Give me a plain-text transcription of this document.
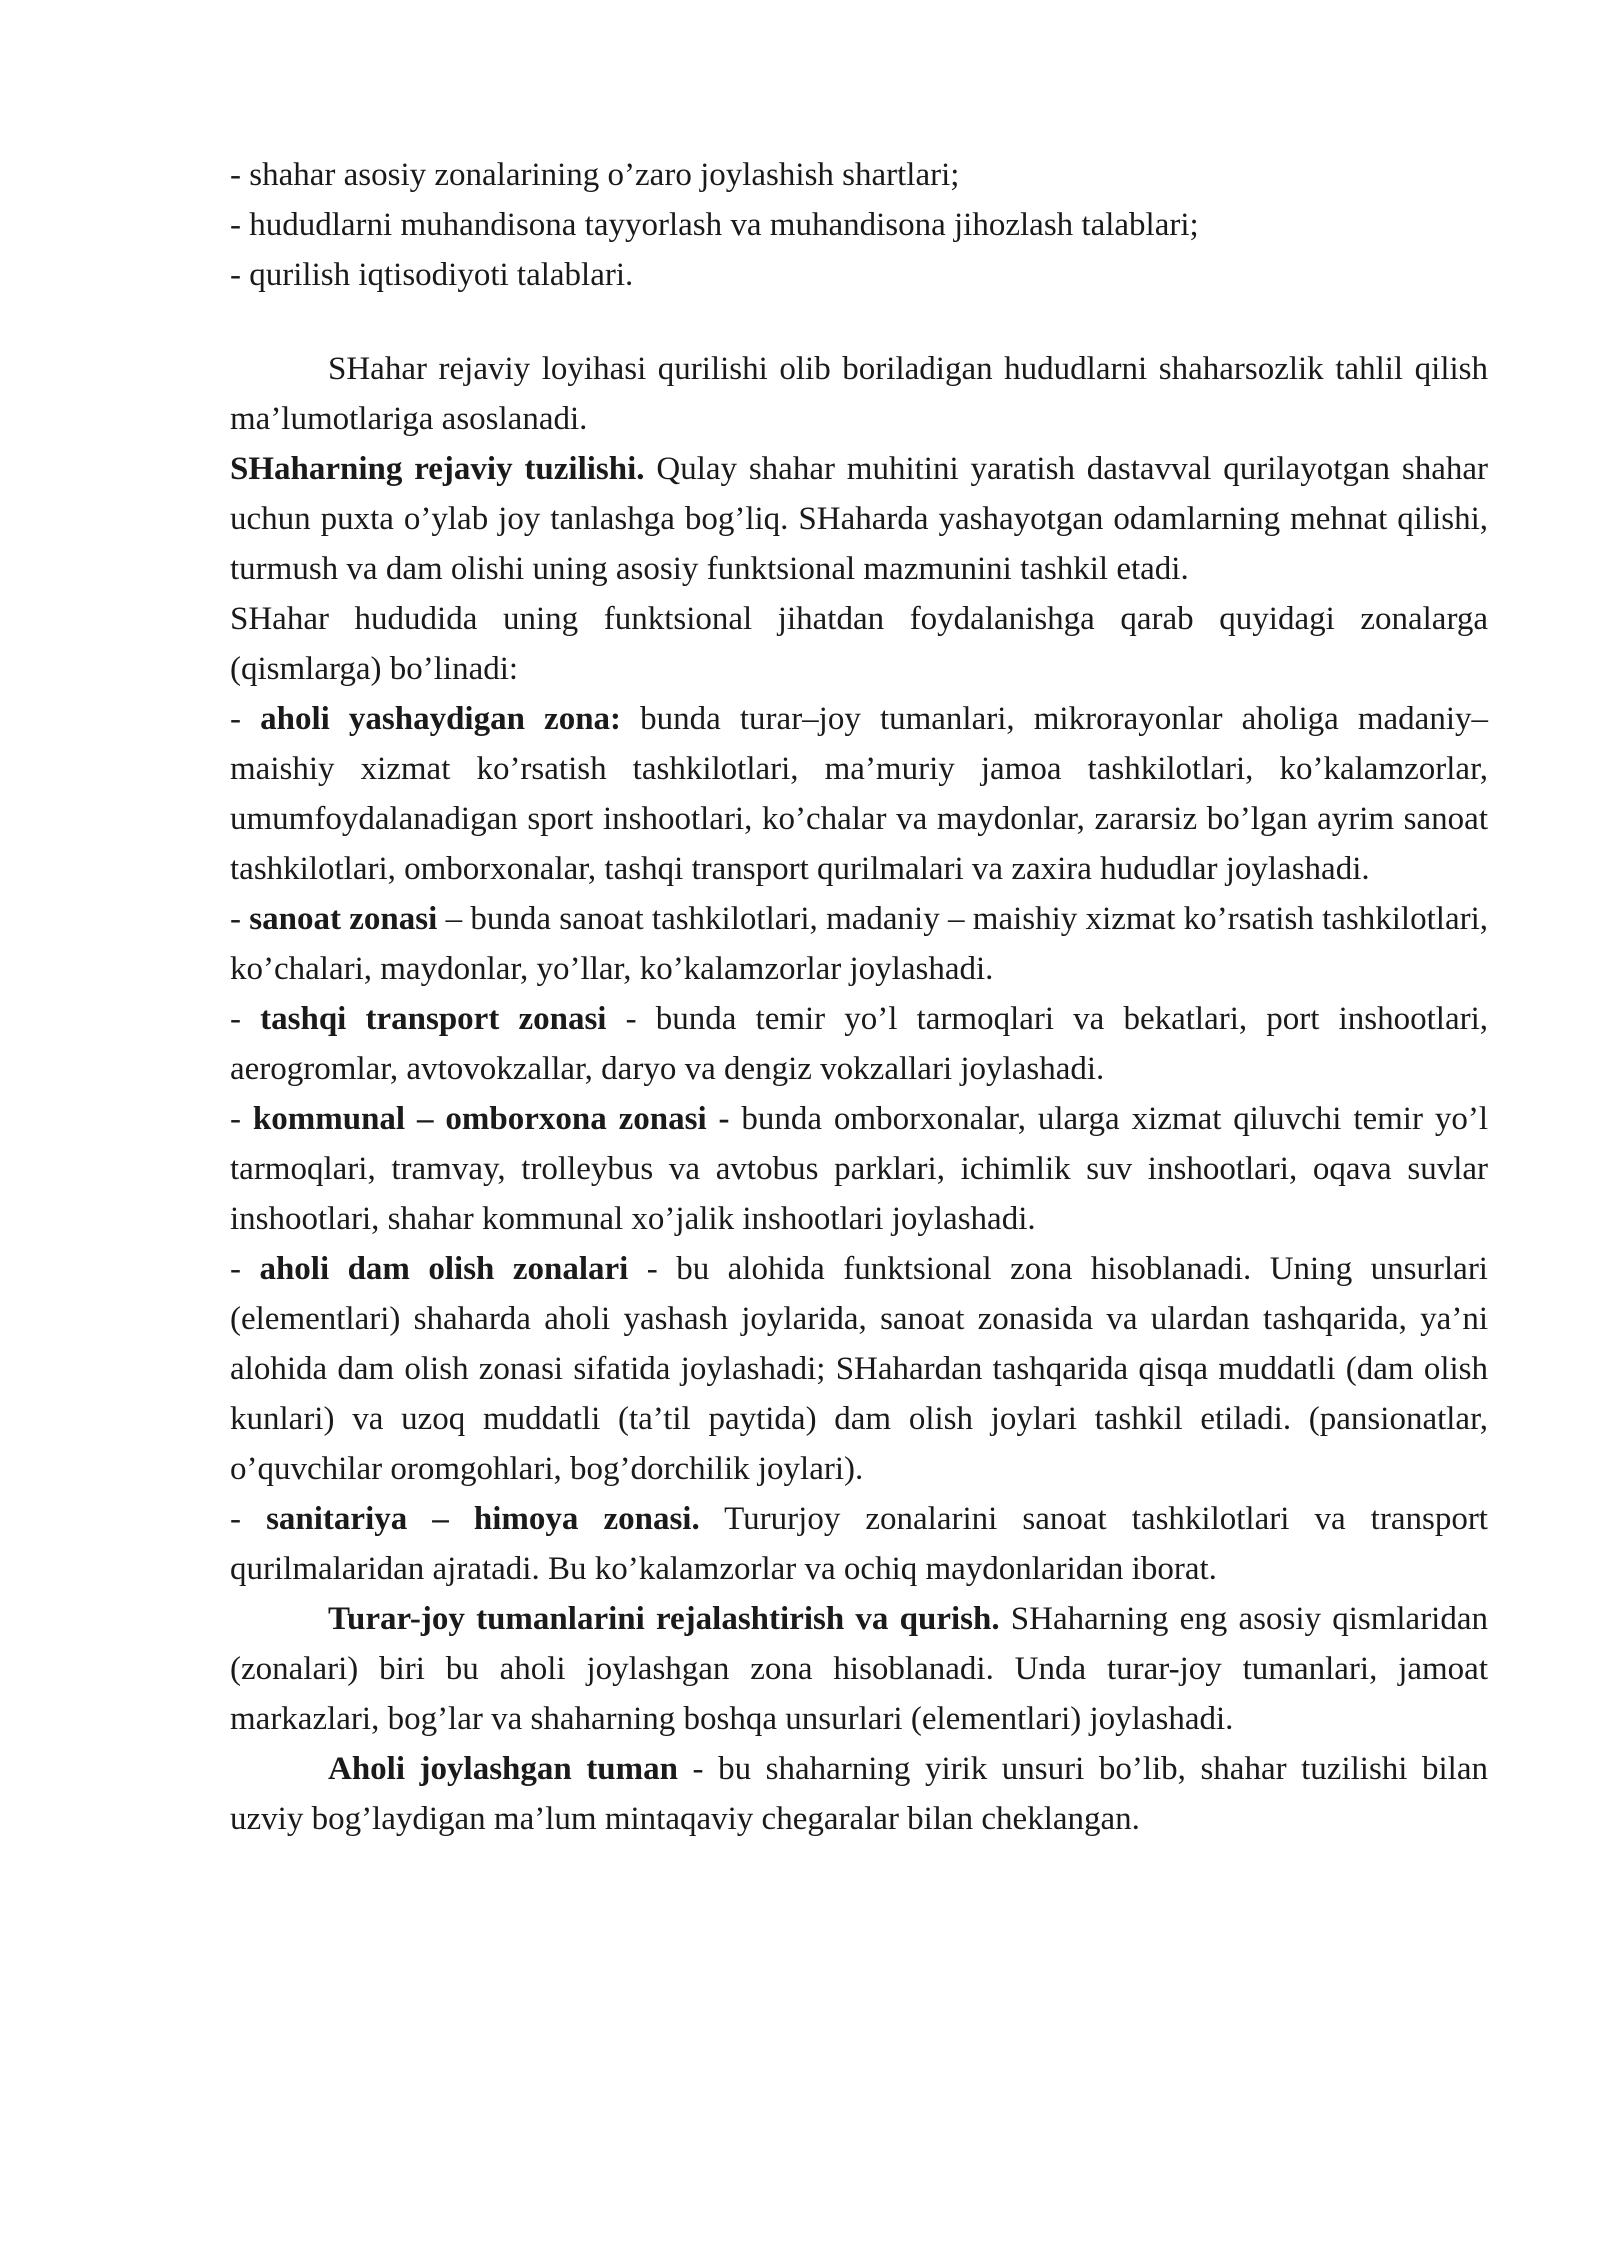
- shahar asosiy zonalarining o’zaro joylashish shartlari;
- hududlarni muhandisona tayyorlash va muhandisona jihozlash talablari;
- qurilish iqtisodiyoti talablari.

SHahar rejaviy loyihasi qurilishi olib boriladigan hududlarni shaharsozlik tahlil qilish ma’lumotlariga asoslanadi.

SHaharning rejaviy tuzilishi. Qulay shahar muhitini yaratish dastavval qurilayotgan shahar uchun puxta o’ylab joy tanlashga bog’liq. SHaharda yashayotgan odamlarning mehnat qilishi, turmush va dam olishi uning asosiy funktsional mazmunini tashkil etadi.

SHahar hududida uning funktsional jihatdan foydalanishga qarab quyidagi zonalarga (qismlarga) bo’linadi:

- aholi yashaydigan zona: bunda turar–joy tumanlari, mikrorayonlar aholiga madaniy–maishiy xizmat ko’rsatish tashkilotlari, ma’muriy jamoa tashkilotlari, ko’kalamzorlar, umumfoydalanadigan sport inshootlari, ko’chalar va maydonlar, zararsiz bo’lgan ayrim sanoat tashkilotlari, omborxonalar, tashqi transport qurilmalari va zaxira hududlar joylashadi.

- sanoat zonasi – bunda sanoat tashkilotlari, madaniy – maishiy xizmat ko’rsatish tashkilotlari, ko’chalari, maydonlar, yo’llar, ko’kalamzorlar joylashadi.

- tashqi transport zonasi - bunda temir yo’l tarmoqlari va bekatlari, port inshootlari, aerogromlar, avtovokzallar, daryo va dengiz vokzallari joylashadi.

- kommunal – omborxona zonasi - bunda omborxonalar, ularga xizmat qiluvchi temir yo’l tarmoqlari, tramvay, trolleybus va avtobus parklari, ichimlik suv inshootlari, oqava suvlar inshootlari, shahar kommunal xo’jalik inshootlari joylashadi.

- aholi dam olish zonalari - bu alohida funktsional zona hisoblanadi. Uning unsurlari (elementlari) shaharda aholi yashash joylarida, sanoat zonasida va ulardan tashqarida, ya’ni alohida dam olish zonasi sifatida joylashadi; SHahardan tashqarida qisqa muddatli (dam olish kunlari) va uzoq muddatli (ta’til paytida) dam olish joylari tashkil etiladi. (pansionatlar, o’quvchilar oromgohlari, bog’dorchilik joylari).

- sanitariya – himoya zonasi. Tururjoy zonalarini sanoat tashkilotlari va transport qurilmalaridan ajratadi. Bu ko’kalamzorlar va ochiq maydonlaridan iborat.

Turar-joy tumanlarini rejalashtirish va qurish. SHaharning eng asosiy qismlaridan (zonalari) biri bu aholi joylashgan zona hisoblanadi. Unda turar-joy tumanlari, jamoat markazlari, bog’lar va shaharning boshqa unsurlari (elementlari) joylashadi.

Aholi joylashgan tuman - bu shaharning yirik unsuri bo’lib, shahar tuzilishi bilan uzviy bog’laydigan ma’lum mintaqaviy chegaralar bilan cheklangan.
